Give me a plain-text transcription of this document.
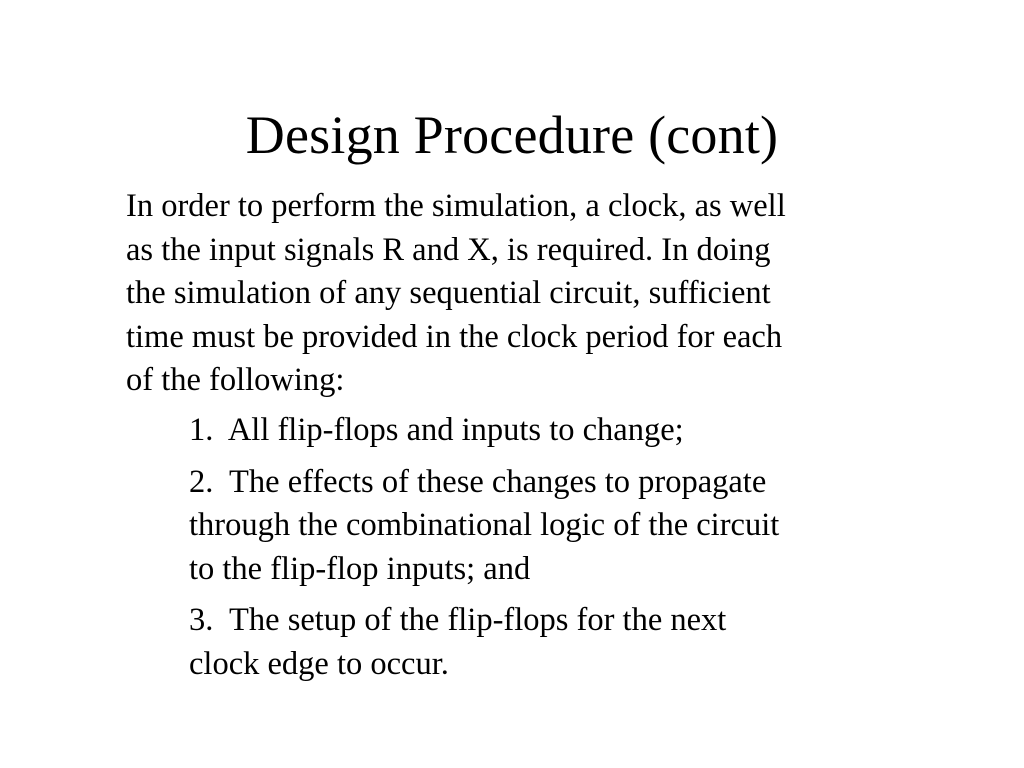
Design Procedure (cont)

In order to perform the simulation, a clock, as well
as the input signals R and X, is required. In doing
the simulation of any sequential circuit, sufficient
time must be provided in the clock period for each
of the following:

1.  All flip-flops and inputs to change;
2.  The effects of these changes to propagate
through the combinational logic of the circuit
to the flip-flop inputs; and
3.  The setup of the flip-flops for the next
clock edge to occur.
